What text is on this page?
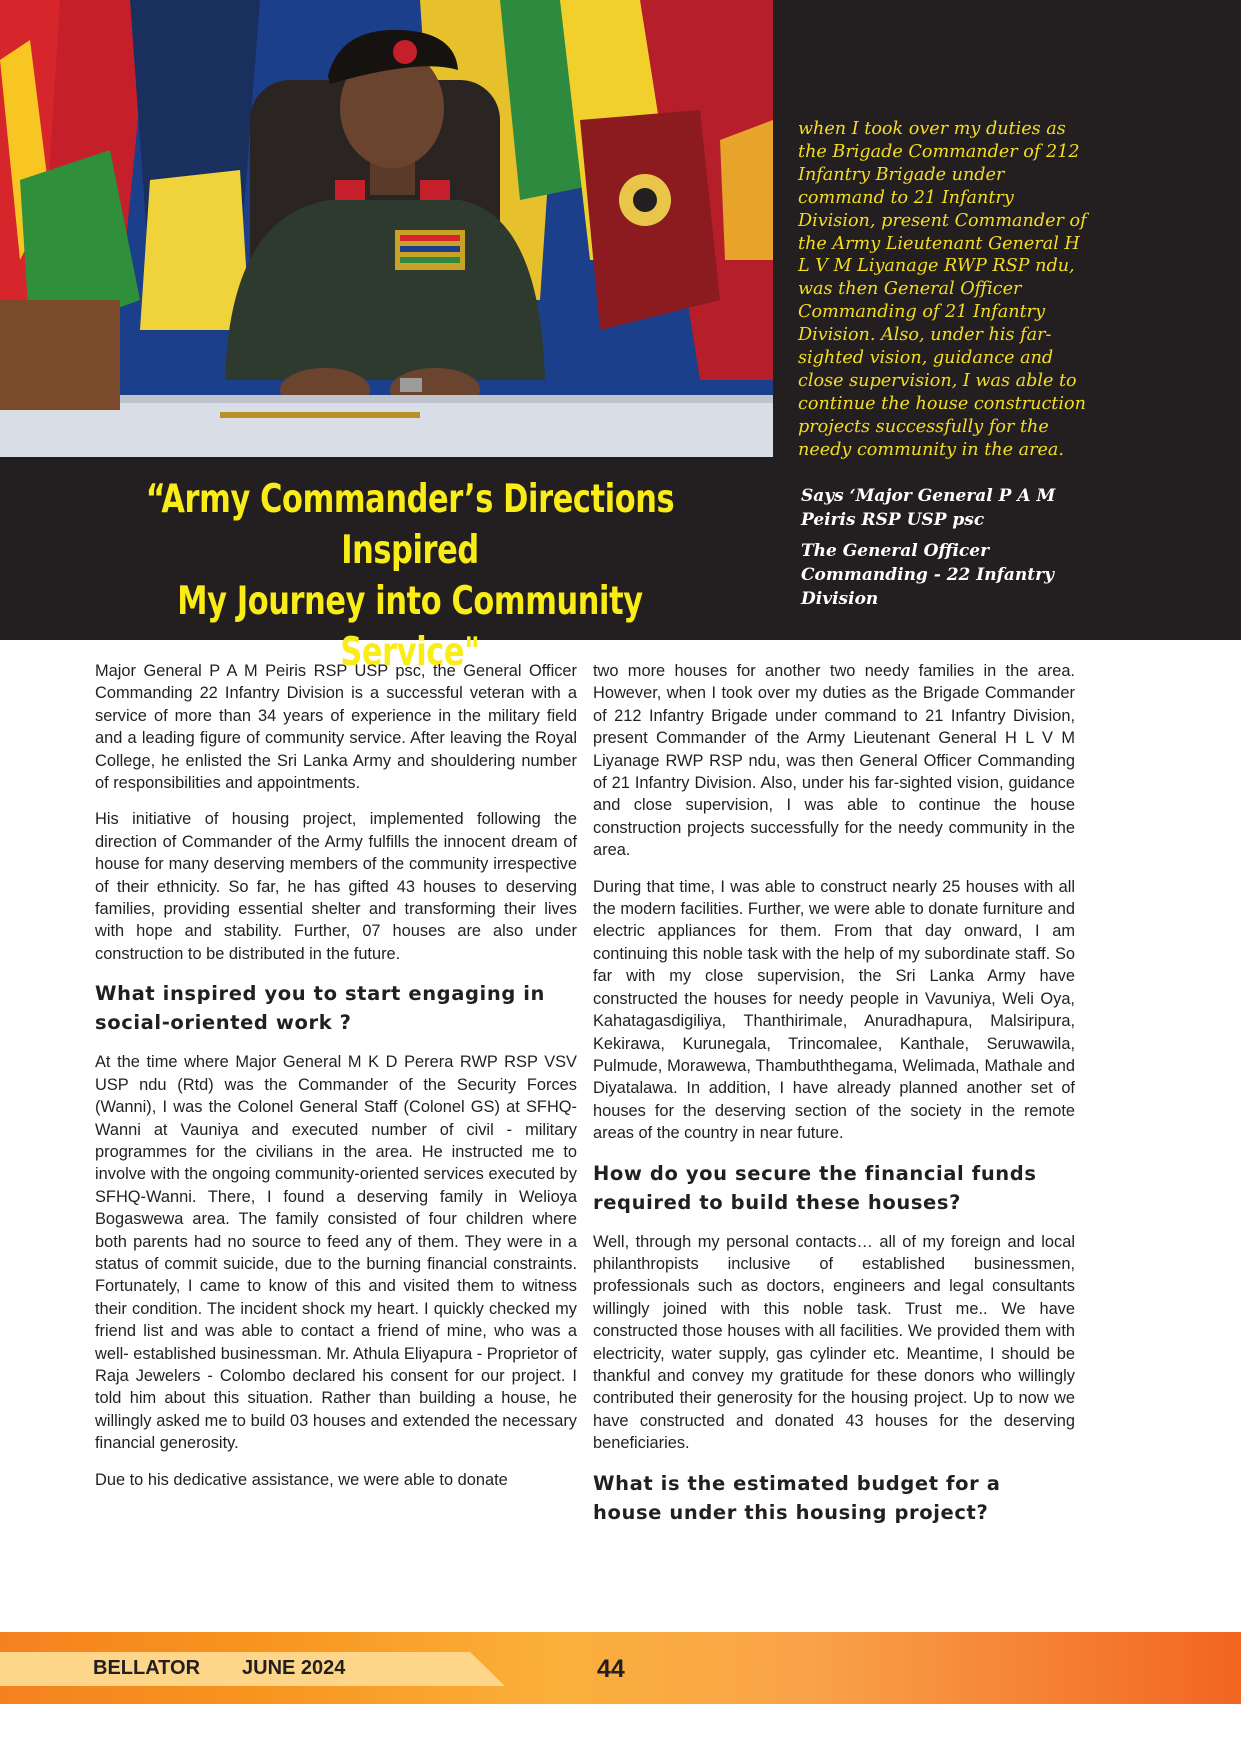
when I took over my duties as the Brigade Commander of 212 Infantry Brigade under command to 21 Infantry Division, present Commander of the Army Lieutenant General H L V M Liyanage RWP RSP ndu, was then General Officer Commanding of 21 Infantry Division. Also, under his far-sighted vision, guidance and close supervision, I was able to continue the house construction projects successfully for the needy community in the area.
“Army Commander’s Directions Inspired
My Journey into Community Service"

Says ‘Major General P A M Peiris RSP USP psc

The General Officer Commanding - 22 Infantry Division

Major General P A M Peiris RSP USP psc, the General Officer Commanding 22 Infantry Division is a successful veteran with a service of more than 34 years of experience in the military field and a leading figure of community service. After leaving the Royal College, he enlisted the Sri Lanka Army and shouldering number of responsibilities and appointments.

His initiative of housing project, implemented following the direction of Commander of the Army fulfills the innocent dream of house for many deserving members of the community irrespective of their ethnicity. So far, he has gifted 43 houses to deserving families, providing essential shelter and transforming their lives with hope and stability. Further, 07 houses are also under construction to be distributed in the future.

What inspired you to start engaging in social-oriented work ?

At the time where Major General M K D Perera RWP RSP VSV USP ndu (Rtd) was the Commander of the Security Forces (Wanni), I was the Colonel General Staff (Colonel GS) at SFHQ-Wanni at Vauniya and executed number of civil - military programmes for the civilians in the area. He instructed me to involve with the ongoing community-oriented services executed by SFHQ-Wanni. There, I found a deserving family in Welioya Bogaswewa area. The family consisted of four children where both parents had no source to feed any of them. They were in a status of commit suicide, due to the burning financial constraints. Fortunately, I came to know of this and visited them to witness their condition. The incident shock my heart. I quickly checked my friend list and was able to contact a friend of mine, who was a well- established businessman. Mr. Athula Eliyapura - Proprietor of Raja Jewelers - Colombo declared his consent for our project. I told him about this situation. Rather than building a house, he willingly asked me to build 03 houses and extended the necessary financial generosity.

Due to his dedicative assistance, we were able to donate

two more houses for another two needy families in the area. However, when I took over my duties as the Brigade Commander of 212 Infantry Brigade under command to 21 Infantry Division, present Commander of the Army Lieutenant General H L V M Liyanage RWP RSP ndu, was then General Officer Commanding of 21 Infantry Division. Also, under his far-sighted vision, guidance and close supervision, I was able to continue the house construction projects successfully for the needy community in the area.

During that time, I was able to construct nearly 25 houses with all the modern facilities. Further, we were able to donate furniture and electric appliances for them. From that day onward, I am continuing this noble task with the help of my subordinate staff. So far with my close supervision, the Sri Lanka Army have constructed the houses for needy people in Vavuniya, Weli Oya, Kahatagasdigiliya, Thanthirimale, Anuradhapura, Malsiripura, Kekirawa, Kurunegala, Trincomalee, Kanthale, Seruwawila, Pulmude, Morawewa, Thambuththegama, Welimada, Mathale and Diyatalawa. In addition, I have already planned another set of houses for the deserving section of the society in the remote areas of the country in near future.

How do you secure the financial funds required to build these houses?

Well, through my personal contacts… all of my foreign and local philanthropists inclusive of established businessmen, professionals such as doctors, engineers and legal consultants willingly joined with this noble task. Trust me.. We have constructed those houses with all facilities. We provided them with electricity, water supply, gas cylinder etc. Meantime, I should be thankful and convey my gratitude for these donors who willingly contributed their generosity for the housing project. Up to now we have constructed and donated 43 houses for the deserving beneficiaries.

What is the estimated budget for a house under this housing project?
BELLATOR JUNE 2024	44
